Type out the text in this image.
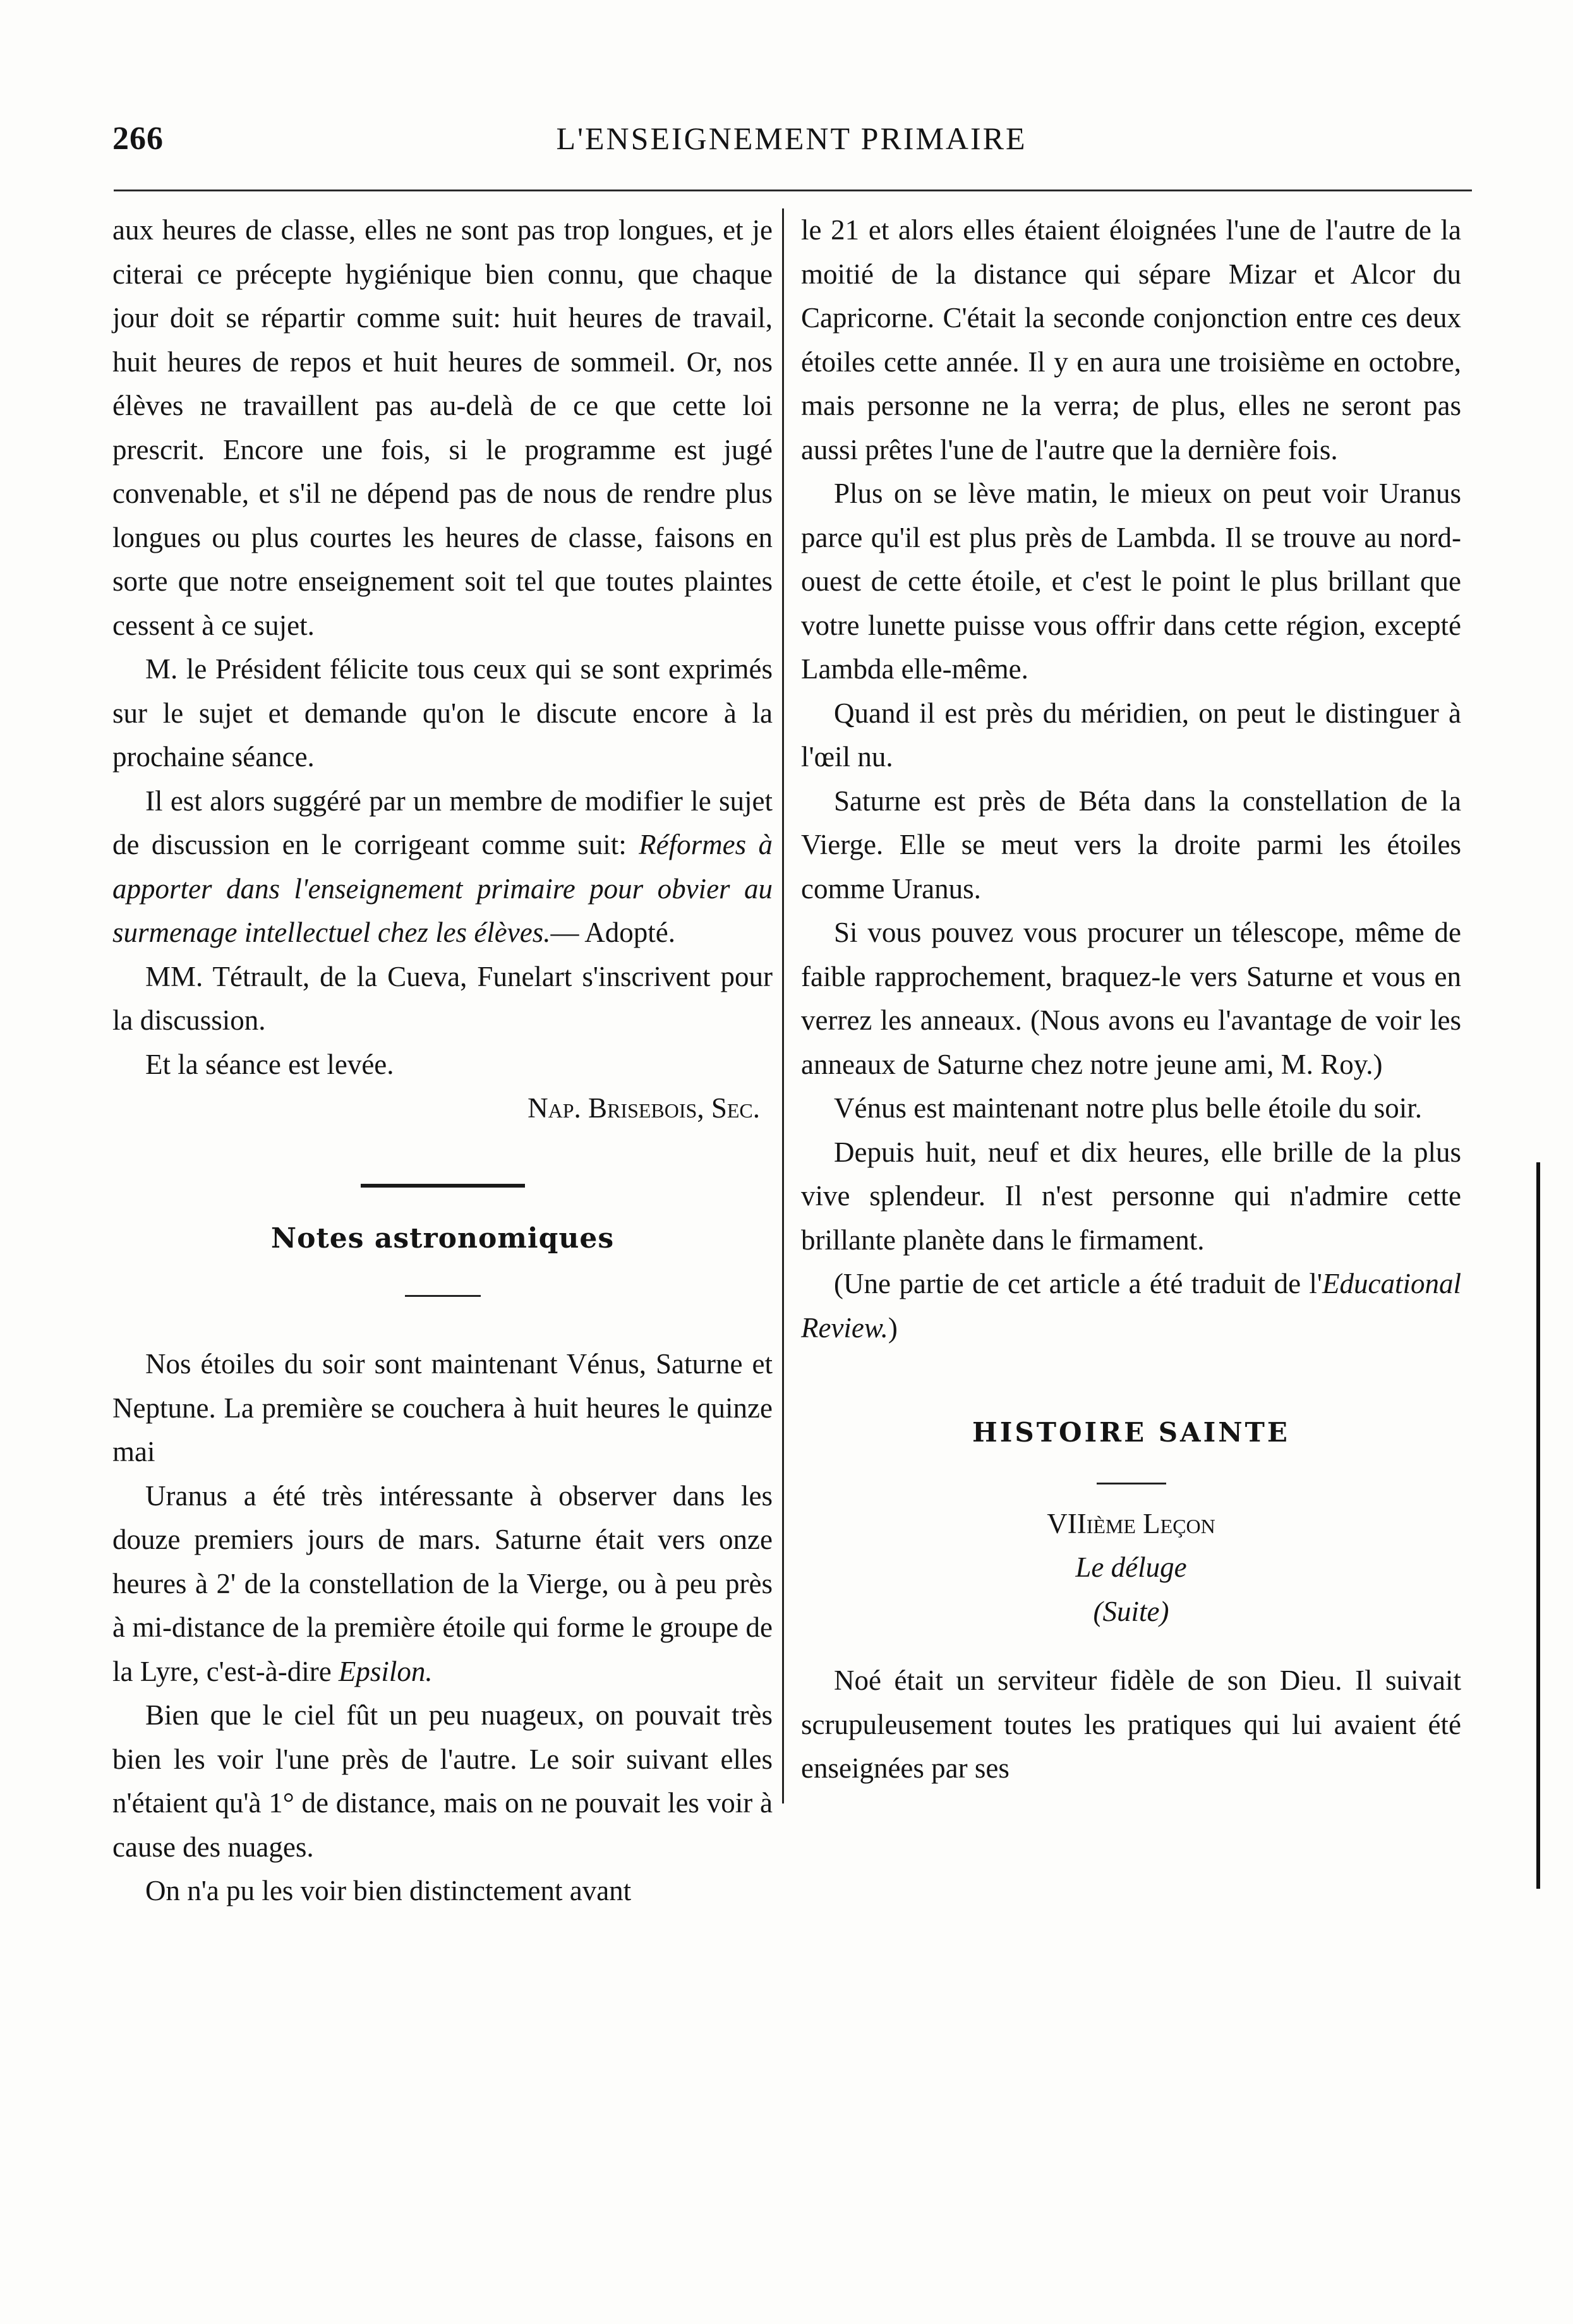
266	L'ENSEIGNEMENT PRIMAIRE

aux heures de classe, elles ne sont pas trop longues, et je citerai ce précepte hygiénique bien connu, que chaque jour doit se répartir comme suit: huit heures de travail, huit heures de repos et huit heures de sommeil. Or, nos élèves ne travaillent pas au-delà de ce que cette loi prescrit. Encore une fois, si le programme est jugé convenable, et s'il ne dépend pas de nous de rendre plus longues ou plus courtes les heures de classe, faisons en sorte que notre enseignement soit tel que toutes plaintes cessent à ce sujet.

M. le Président félicite tous ceux qui se sont exprimés sur le sujet et demande qu'on le discute encore à la prochaine séance.

Il est alors suggéré par un membre de modifier le sujet de discussion en le corrigeant comme suit: Réformes à apporter dans l'enseignement primaire pour obvier au surmenage intellectuel chez les élèves.— Adopté.

MM. Tétrault, de la Cueva, Funelart s'inscrivent pour la discussion.

Et la séance est levée.

Nap. Brisebois, Sec.

Notes astronomiques

Nos étoiles du soir sont maintenant Vénus, Saturne et Neptune. La première se couchera à huit heures le quinze mai

Uranus a été très intéressante à observer dans les douze premiers jours de mars. Saturne était vers onze heures à 2' de la constellation de la Vierge, ou à peu près à mi-distance de la première étoile qui forme le groupe de la Lyre, c'est-à-dire Epsilon.

Bien que le ciel fût un peu nuageux, on pouvait très bien les voir l'une près de l'autre. Le soir suivant elles n'étaient qu'à 1° de distance, mais on ne pouvait les voir à cause des nuages.

On n'a pu les voir bien distinctement avant

le 21 et alors elles étaient éloignées l'une de l'autre de la moitié de la distance qui sépare Mizar et Alcor du Capricorne. C'était la seconde conjonction entre ces deux étoiles cette année. Il y en aura une troisième en octobre, mais personne ne la verra; de plus, elles ne seront pas aussi prêtes l'une de l'autre que la dernière fois.

Plus on se lève matin, le mieux on peut voir Uranus parce qu'il est plus près de Lambda. Il se trouve au nord-ouest de cette étoile, et c'est le point le plus brillant que votre lunette puisse vous offrir dans cette région, excepté Lambda elle-même.

Quand il est près du méridien, on peut le distinguer à l'œil nu.

Saturne est près de Béta dans la constellation de la Vierge. Elle se meut vers la droite parmi les étoiles comme Uranus.

Si vous pouvez vous procurer un télescope, même de faible rapprochement, braquez-le vers Saturne et vous en verrez les anneaux. (Nous avons eu l'avantage de voir les anneaux de Saturne chez notre jeune ami, M. Roy.)

Vénus est maintenant notre plus belle étoile du soir.

Depuis huit, neuf et dix heures, elle brille de la plus vive splendeur. Il n'est personne qui n'admire cette brillante planète dans le firmament.

(Une partie de cet article a été traduit de l'Educational Review.)

HISTOIRE SAINTE
VIIième Leçon
Le déluge
(Suite)

Noé était un serviteur fidèle de son Dieu. Il suivait scrupuleusement toutes les pratiques qui lui avaient été enseignées par ses
